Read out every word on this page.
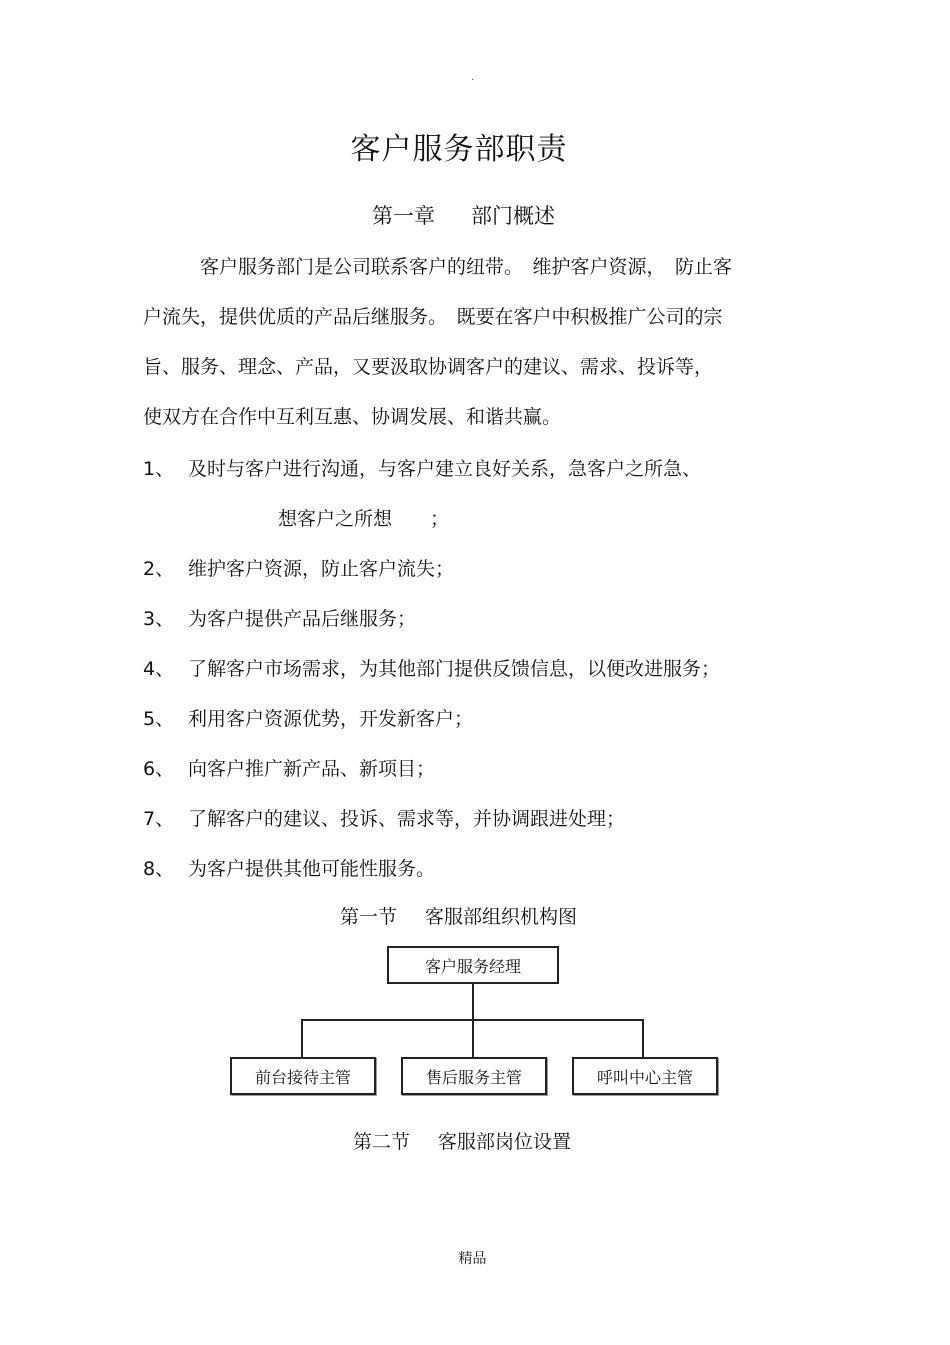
.
客户服务部职责
第一章 部门概述
　　　客户服务部门是公司联系客户的纽带。　维护客户资源，　防止客
户流失，提供优质的产品后继服务。　既要在客户中积极推广公司的宗
旨、服务、理念、产品，又要汲取协调客户的建议、需求、投诉等，
使双方在合作中互利互惠、协调发展、和谐共赢。
1、 及时与客户进行沟通，与客户建立良好关系，急客户之所急、
想客户之所想　　；
2、 维护客户资源，防止客户流失；
3、 为客户提供产品后继服务；
4、 了解客户市场需求，为其他部门提供反馈信息，以便改进服务；
5、 利用客户资源优势，开发新客户；
6、 向客户推广新产品、新项目；
7、 了解客户的建议、投诉、需求等，并协调跟进处理；
8、 为客户提供其他可能性服务。
第一节 客服部组织机构图
客户服务经理
前台接待主管	售后服务主管	呼叫中心主管
第二节 客服部岗位设置
精品
